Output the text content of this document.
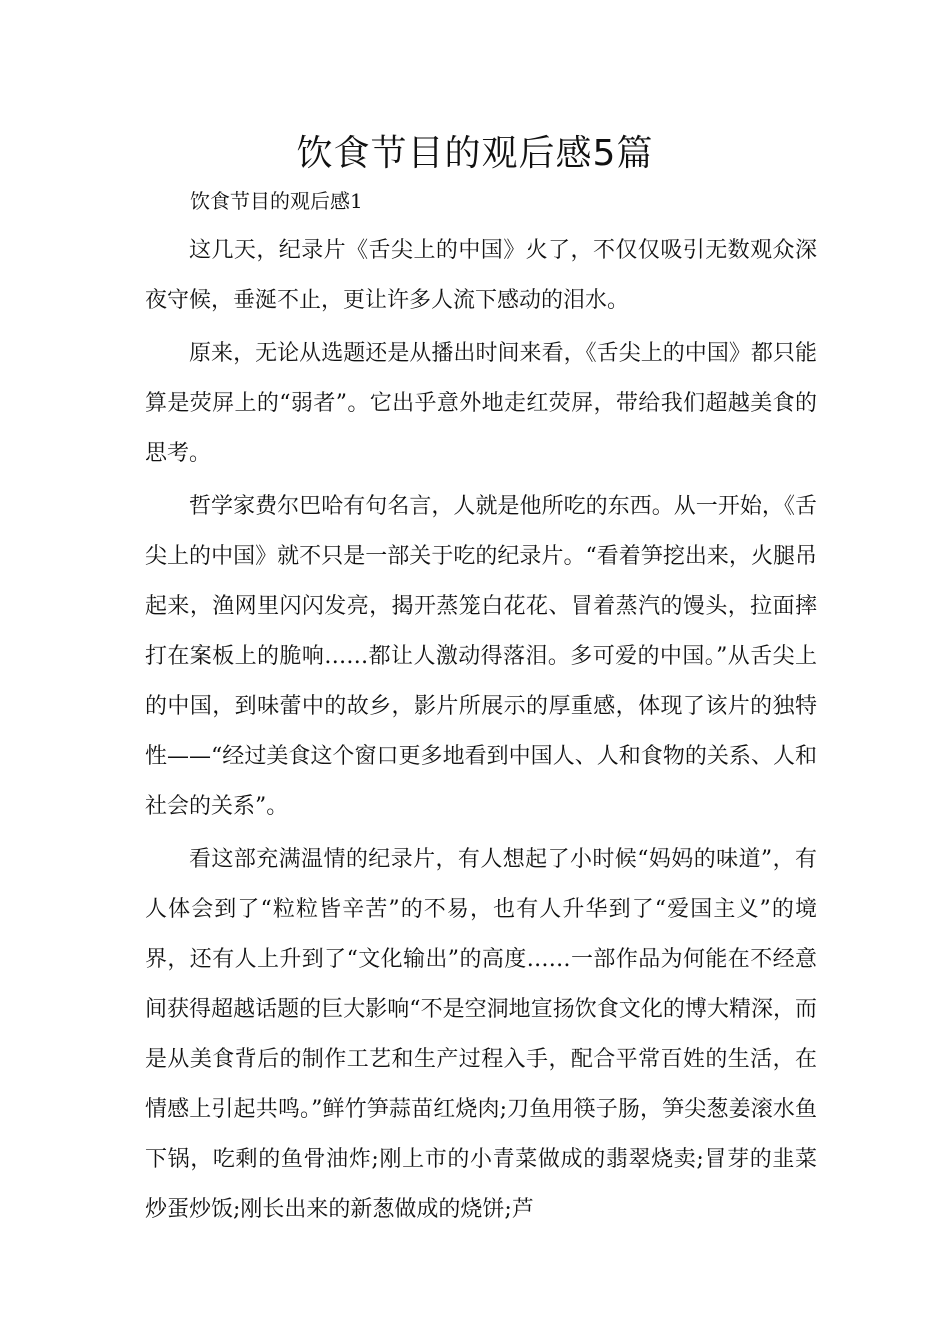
饮食节目的观后感5篇

饮食节目的观后感1

这几天，纪录片《舌尖上的中国》火了，不仅仅吸引无数观众深夜守候，垂涎不止，更让许多人流下感动的泪水。

原来，无论从选题还是从播出时间来看，《舌尖上的中国》都只能算是荧屏上的“弱者”。它出乎意外地走红荧屏，带给我们超越美食的思考。

哲学家费尔巴哈有句名言，人就是他所吃的东西。从一开始，《舌尖上的中国》就不只是一部关于吃的纪录片。“看着笋挖出来，火腿吊起来，渔网里闪闪发亮，揭开蒸笼白花花、冒着蒸汽的馒头，拉面摔打在案板上的脆响……都让人激动得落泪。多可爱的中国。”从舌尖上的中国，到味蕾中的故乡，影片所展示的厚重感，体现了该片的独特性——“经过美食这个窗口更多地看到中国人、人和食物的关系、人和社会的关系”。

看这部充满温情的纪录片，有人想起了小时候“妈妈的味道”，有人体会到了“粒粒皆辛苦”的不易，也有人升华到了“爱国主义”的境界，还有人上升到了“文化输出”的高度……一部作品为何能在不经意间获得超越话题的巨大影响“不是空洞地宣扬饮食文化的博大精深，而是从美食背后的制作工艺和生产过程入手，配合平常百姓的生活，在情感上引起共鸣。”鲜竹笋蒜苗红烧肉;刀鱼用筷子肠，笋尖葱姜滚水鱼下锅，吃剩的鱼骨油炸;刚上市的小青菜做成的翡翠烧卖;冒芽的韭菜炒蛋炒饭;刚长出来的新葱做成的烧饼;芦
